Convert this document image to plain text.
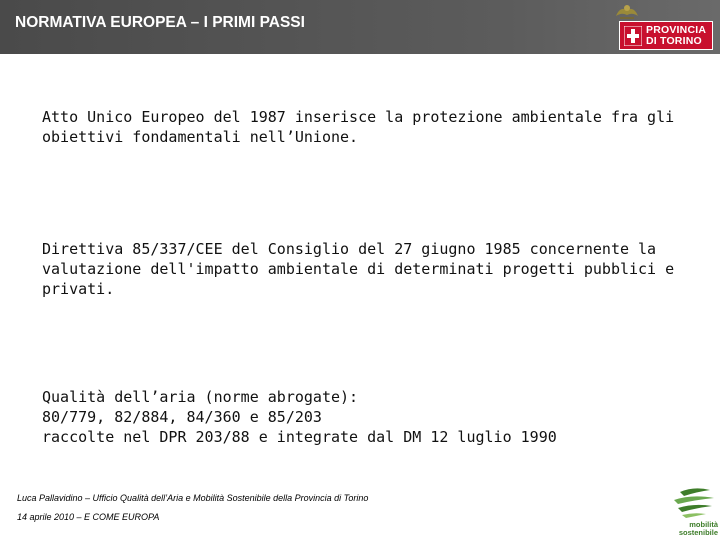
NORMATIVA EUROPEA – I PRIMI PASSI	PROVINCIA
DI TORINO
Atto Unico Europeo del 1987 inserisce la protezione ambientale fra gli obiettivi fondamentali nell’Unione.
Direttiva 85/337/CEE del Consiglio del 27 giugno 1985 concernente la valutazione dell'impatto ambientale di determinati progetti pubblici e privati.
Qualità dell’aria (norme abrogate):
80/779, 82/884, 84/360 e 85/203
raccolte nel DPR 203/88 e integrate dal DM 12 luglio 1990
Luca Pallavidino – Ufficio Qualità dell’Aria e Mobilità Sostenibile della Provincia di Torino
14 aprile 2010 – E COME EUROPA
mobilità
sostenibile
